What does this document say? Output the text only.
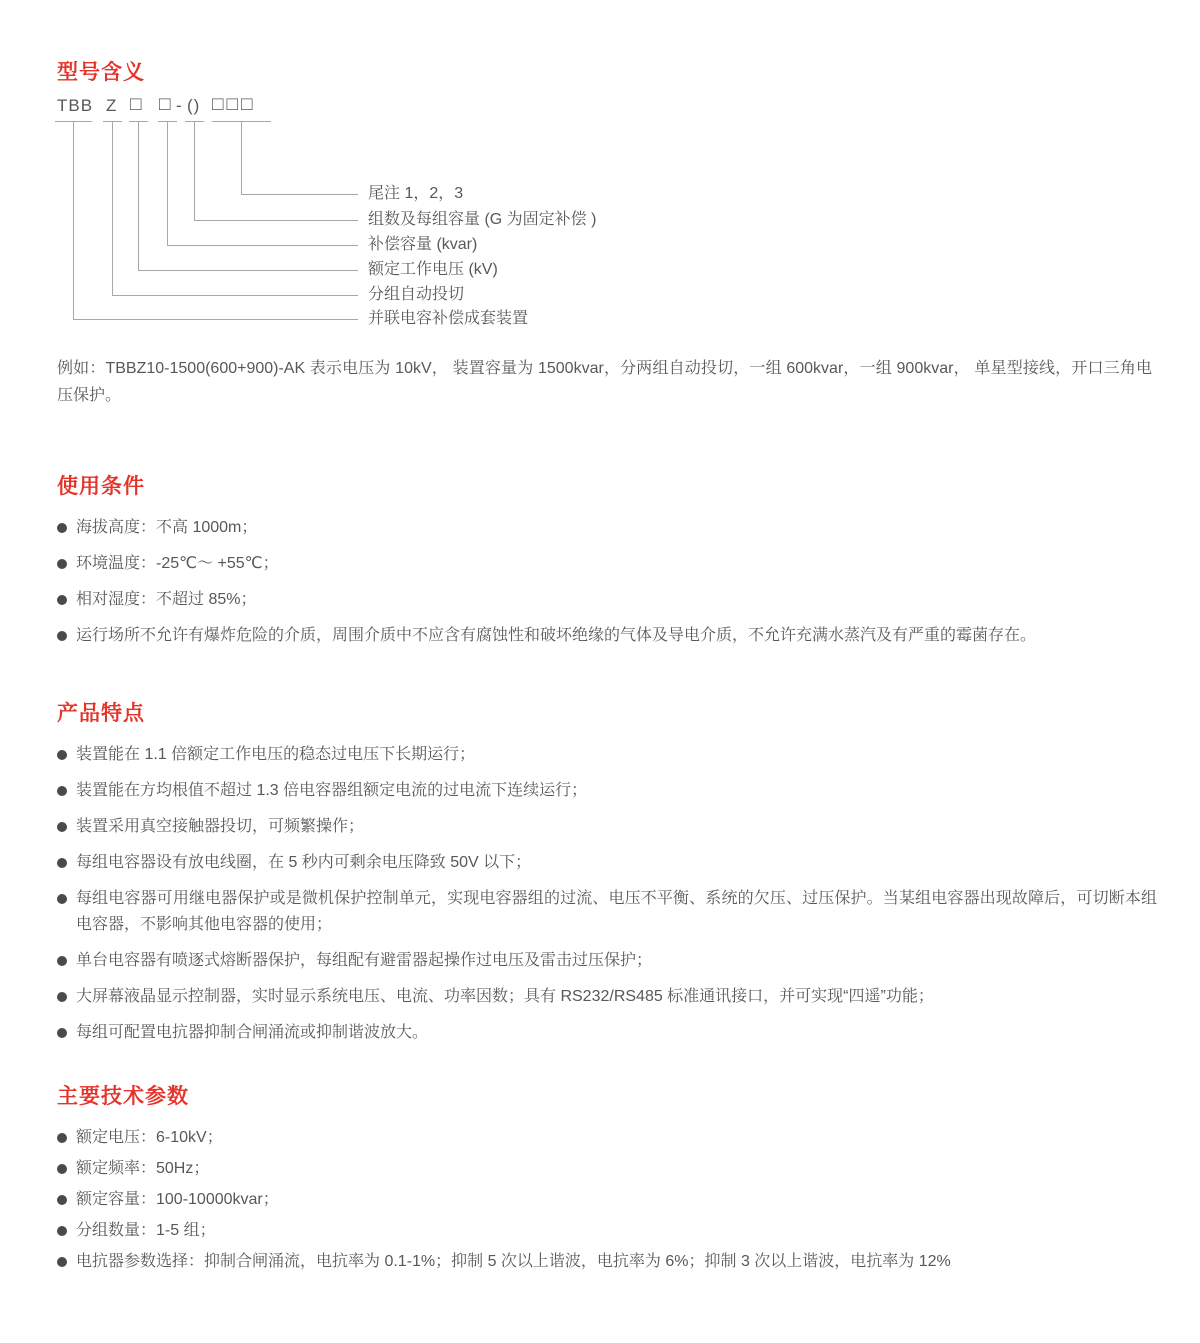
型号含义
TBB Z □ □ - () □□□
尾注 1，2，3
组数及每组容量 (G 为固定补偿 )
补偿容量 (kvar)
额定工作电压 (kV)
分组自动投切
并联电容补偿成套装置

例如：TBBZ10-1500(600+900)-AK 表示电压为 10kV， 装置容量为 1500kvar，分两组自动投切，一组 600kvar，一组 900kvar， 单星型接线，开口三角电压保护。

使用条件
海拔高度：不高 1000m；
环境温度：-25℃～ +55℃；
相对湿度：不超过 85%；
运行场所不允许有爆炸危险的介质，周围介质中不应含有腐蚀性和破坏绝缘的气体及导电介质，不允许充满水蒸汽及有严重的霉菌存在。
产品特点
装置能在 1.1 倍额定工作电压的稳态过电压下长期运行；
装置能在方均根值不超过 1.3 倍电容器组额定电流的过电流下连续运行；
装置采用真空接触器投切，可频繁操作；
每组电容器设有放电线圈，在 5 秒内可剩余电压降致 50V 以下；
每组电容器可用继电器保护或是微机保护控制单元，实现电容器组的过流、电压不平衡、系统的欠压、过压保护。当某组电容器出现故障后，可切断本组电容器，不影响其他电容器的使用；
单台电容器有喷逐式熔断器保护，每组配有避雷器起操作过电压及雷击过压保护；
大屏幕液晶显示控制器，实时显示系统电压、电流、功率因数；具有 RS232/RS485 标准通讯接口，并可实现“四遥”功能；
每组可配置电抗器抑制合闸涌流或抑制谐波放大。
主要技术参数
额定电压：6-10kV；
额定频率：50Hz；
额定容量：100-10000kvar；
分组数量：1-5 组；
电抗器参数选择：抑制合闸涌流，电抗率为 0.1-1%；抑制 5 次以上谐波，电抗率为 6%；抑制 3 次以上谐波，电抗率为 12%
